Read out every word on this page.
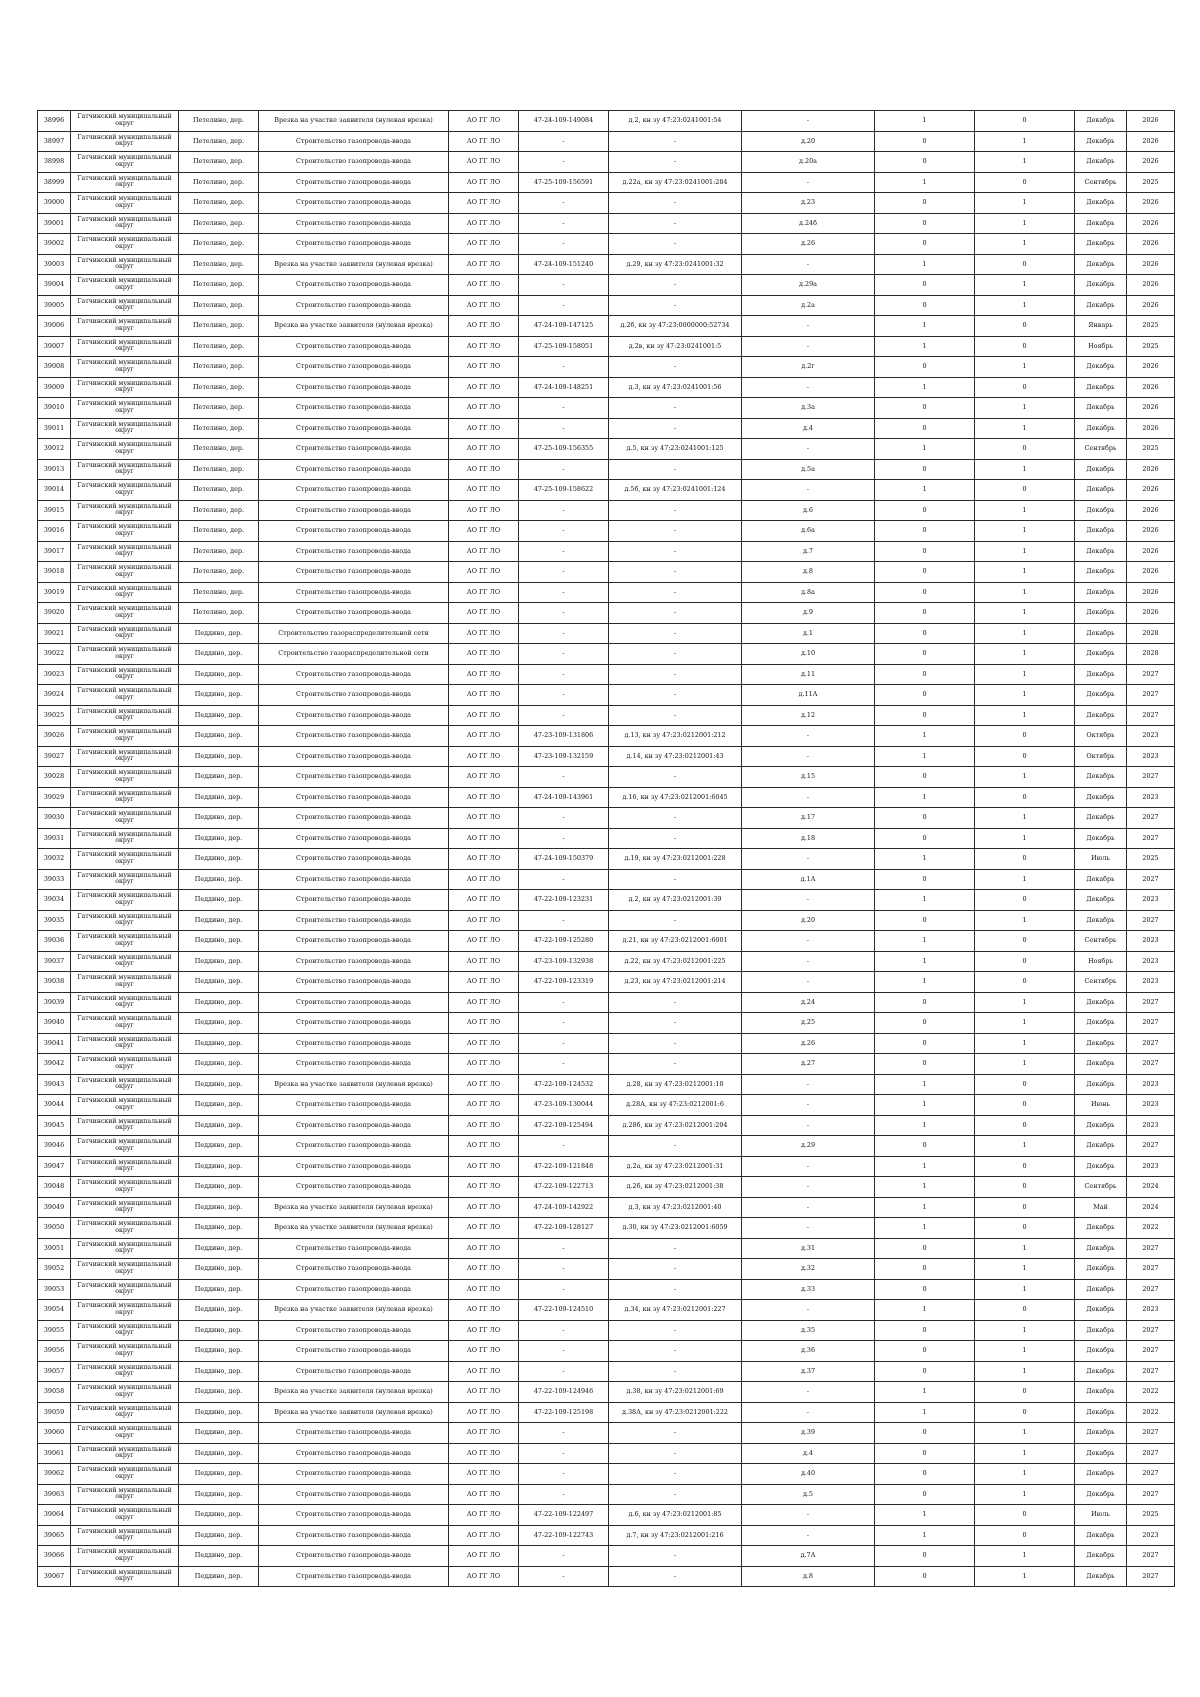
38996	Гатчинский муниципальный округ	Петелино, дер.	Врезка на участке заявителя (нулевая врезка)	АО ГГ ЛО	47-24-109-149084	д.2, кн зу 47:23:0241001:54	-	1	0	Декабрь	2026
38997	Гатчинский муниципальный округ	Петелино, дер.	Строительство газопровода-ввода	АО ГГ ЛО	-	-	д.20	0	1	Декабрь	2026
38998	Гатчинский муниципальный округ	Петелино, дер.	Строительство газопровода-ввода	АО ГГ ЛО	-	-	д.20а	0	1	Декабрь	2026
38999	Гатчинский муниципальный округ	Петелино, дер.	Строительство газопровода-ввода	АО ГГ ЛО	47-25-109-156591	д.22а, кн зу 47:23:0241001:284	-	1	0	Сентябрь	2025
39000	Гатчинский муниципальный округ	Петелино, дер.	Строительство газопровода-ввода	АО ГГ ЛО	-	-	д.23	0	1	Декабрь	2026
39001	Гатчинский муниципальный округ	Петелино, дер.	Строительство газопровода-ввода	АО ГГ ЛО	-	-	д.24б	0	1	Декабрь	2026
39002	Гатчинский муниципальный округ	Петелино, дер.	Строительство газопровода-ввода	АО ГГ ЛО	-	-	д.26	0	1	Декабрь	2026
39003	Гатчинский муниципальный округ	Петелино, дер.	Врезка на участке заявителя (нулевая врезка)	АО ГГ ЛО	47-24-109-151240	д.29, кн зу 47:23:0241001:32	-	1	0	Декабрь	2026
39004	Гатчинский муниципальный округ	Петелино, дер.	Строительство газопровода-ввода	АО ГГ ЛО	-	-	д.29а	0	1	Декабрь	2026
39005	Гатчинский муниципальный округ	Петелино, дер.	Строительство газопровода-ввода	АО ГГ ЛО	-	-	д.2а	0	1	Декабрь	2026
39006	Гатчинский муниципальный округ	Петелино, дер.	Врезка на участке заявителя (нулевая врезка)	АО ГГ ЛО	47-24-109-147125	д.2б, кн зу 47:23:0000000:52734	-	1	0	Январь	2025
39007	Гатчинский муниципальный округ	Петелино, дер.	Строительство газопровода-ввода	АО ГГ ЛО	47-25-109-158051	д.2в, кн зу 47:23:0241001:5	-	1	0	Ноябрь	2025
39008	Гатчинский муниципальный округ	Петелино, дер.	Строительство газопровода-ввода	АО ГГ ЛО	-	-	д.2г	0	1	Декабрь	2026
39009	Гатчинский муниципальный округ	Петелино, дер.	Строительство газопровода-ввода	АО ГГ ЛО	47-24-109-148251	д.3, кн зу 47:23:0241001:56	-	1	0	Декабрь	2026
39010	Гатчинский муниципальный округ	Петелино, дер.	Строительство газопровода-ввода	АО ГГ ЛО	-	-	д.3а	0	1	Декабрь	2026
39011	Гатчинский муниципальный округ	Петелино, дер.	Строительство газопровода-ввода	АО ГГ ЛО	-	-	д.4	0	1	Декабрь	2026
39012	Гатчинский муниципальный округ	Петелино, дер.	Строительство газопровода-ввода	АО ГГ ЛО	47-25-109-156355	д.5, кн зу 47:23:0241001:125	-	1	0	Сентябрь	2025
39013	Гатчинский муниципальный округ	Петелино, дер.	Строительство газопровода-ввода	АО ГГ ЛО	-	-	д.5а	0	1	Декабрь	2026
39014	Гатчинский муниципальный округ	Петелино, дер.	Строительство газопровода-ввода	АО ГГ ЛО	47-25-109-158622	д.5б, кн зу 47:23:0241001:124	-	1	0	Декабрь	2026
39015	Гатчинский муниципальный округ	Петелино, дер.	Строительство газопровода-ввода	АО ГГ ЛО	-	-	д.6	0	1	Декабрь	2026
39016	Гатчинский муниципальный округ	Петелино, дер.	Строительство газопровода-ввода	АО ГГ ЛО	-	-	д.6а	0	1	Декабрь	2026
39017	Гатчинский муниципальный округ	Петелино, дер.	Строительство газопровода-ввода	АО ГГ ЛО	-	-	д.7	0	1	Декабрь	2026
39018	Гатчинский муниципальный округ	Петелино, дер.	Строительство газопровода-ввода	АО ГГ ЛО	-	-	д.8	0	1	Декабрь	2026
39019	Гатчинский муниципальный округ	Петелино, дер.	Строительство газопровода-ввода	АО ГГ ЛО	-	-	д.8а	0	1	Декабрь	2026
39020	Гатчинский муниципальный округ	Петелино, дер.	Строительство газопровода-ввода	АО ГГ ЛО	-	-	д.9	0	1	Декабрь	2026
39021	Гатчинский муниципальный округ	Педдино, дер.	Строительство газораспределительной сети	АО ГГ ЛО	-	-	д.1	0	1	Декабрь	2028
39022	Гатчинский муниципальный округ	Педдино, дер.	Строительство газораспределительной сети	АО ГГ ЛО	-	-	д.10	0	1	Декабрь	2028
39023	Гатчинский муниципальный округ	Педдино, дер.	Строительство газопровода-ввода	АО ГГ ЛО	-	-	д.11	0	1	Декабрь	2027
39024	Гатчинский муниципальный округ	Педдино, дер.	Строительство газопровода-ввода	АО ГГ ЛО	-	-	д.11А	0	1	Декабрь	2027
39025	Гатчинский муниципальный округ	Педдино, дер.	Строительство газопровода-ввода	АО ГГ ЛО	-	-	д.12	0	1	Декабрь	2027
39026	Гатчинский муниципальный округ	Педдино, дер.	Строительство газопровода-ввода	АО ГГ ЛО	47-23-109-131806	д.13, кн зу 47:23:0212001:212	-	1	0	Октябрь	2023
39027	Гатчинский муниципальный округ	Педдино, дер.	Строительство газопровода-ввода	АО ГГ ЛО	47-23-109-132159	д.14, кн зу 47:23:0212001:43	-	1	0	Октябрь	2023
39028	Гатчинский муниципальный округ	Педдино, дер.	Строительство газопровода-ввода	АО ГГ ЛО	-	-	д.15	0	1	Декабрь	2027
39029	Гатчинский муниципальный округ	Педдино, дер.	Строительство газопровода-ввода	АО ГГ ЛО	47-24-109-143961	д.16, кн зу 47:23:0212001:6045	-	1	0	Декабрь	2023
39030	Гатчинский муниципальный округ	Педдино, дер.	Строительство газопровода-ввода	АО ГГ ЛО	-	-	д.17	0	1	Декабрь	2027
39031	Гатчинский муниципальный округ	Педдино, дер.	Строительство газопровода-ввода	АО ГГ ЛО	-	-	д.18	0	1	Декабрь	2027
39032	Гатчинский муниципальный округ	Педдино, дер.	Строительство газопровода-ввода	АО ГГ ЛО	47-24-109-150379	д.19, кн зу 47:23:0212001:228	-	1	0	Июль	2025
39033	Гатчинский муниципальный округ	Педдино, дер.	Строительство газопровода-ввода	АО ГГ ЛО	-	-	д.1А	0	1	Декабрь	2027
39034	Гатчинский муниципальный округ	Педдино, дер.	Строительство газопровода-ввода	АО ГГ ЛО	47-22-109-123231	д.2, кн зу 47:23:0212001:39	-	1	0	Декабрь	2023
39035	Гатчинский муниципальный округ	Педдино, дер.	Строительство газопровода-ввода	АО ГГ ЛО	-	-	д.20	0	1	Декабрь	2027
39036	Гатчинский муниципальный округ	Педдино, дер.	Строительство газопровода-ввода	АО ГГ ЛО	47-22-109-125280	д.21, кн зу 47:23:0212001:6001	-	1	0	Сентябрь	2023
39037	Гатчинский муниципальный округ	Педдино, дер.	Строительство газопровода-ввода	АО ГГ ЛО	47-23-109-132938	д.22, кн зу 47:23:0212001:225	-	1	0	Ноябрь	2023
39038	Гатчинский муниципальный округ	Педдино, дер.	Строительство газопровода-ввода	АО ГГ ЛО	47-22-109-123319	д.23, кн зу 47:23:0212001:214	-	1	0	Сентябрь	2023
39039	Гатчинский муниципальный округ	Педдино, дер.	Строительство газопровода-ввода	АО ГГ ЛО	-	-	д.24	0	1	Декабрь	2027
39040	Гатчинский муниципальный округ	Педдино, дер.	Строительство газопровода-ввода	АО ГГ ЛО	-	-	д.25	0	1	Декабрь	2027
39041	Гатчинский муниципальный округ	Педдино, дер.	Строительство газопровода-ввода	АО ГГ ЛО	-	-	д.26	0	1	Декабрь	2027
39042	Гатчинский муниципальный округ	Педдино, дер.	Строительство газопровода-ввода	АО ГГ ЛО	-	-	д.27	0	1	Декабрь	2027
39043	Гатчинский муниципальный округ	Педдино, дер.	Врезка на участке заявителя (нулевая врезка)	АО ГГ ЛО	47-22-109-124532	д.28, кн зу 47:23:0212001:10	-	1	0	Декабрь	2023
39044	Гатчинский муниципальный округ	Педдино, дер.	Строительство газопровода-ввода	АО ГГ ЛО	47-23-109-130044	д.28А, кн зу 47:23:0212001:6	-	1	0	Июнь	2023
39045	Гатчинский муниципальный округ	Педдино, дер.	Строительство газопровода-ввода	АО ГГ ЛО	47-22-109-125494	д.28б, кн зу 47:23:0212001:204	-	1	0	Декабрь	2023
39046	Гатчинский муниципальный округ	Педдино, дер.	Строительство газопровода-ввода	АО ГГ ЛО	-	-	д.29	0	1	Декабрь	2027
39047	Гатчинский муниципальный округ	Педдино, дер.	Строительство газопровода-ввода	АО ГГ ЛО	47-22-109-121848	д.2а, кн зу 47:23:0212001:31	-	1	0	Декабрь	2023
39048	Гатчинский муниципальный округ	Педдино, дер.	Строительство газопровода-ввода	АО ГГ ЛО	47-22-109-122713	д.2б, кн зу 47:23:0212001:38	-	1	0	Сентябрь	2024
39049	Гатчинский муниципальный округ	Педдино, дер.	Врезка на участке заявителя (нулевая врезка)	АО ГГ ЛО	47-24-109-142922	д.3, кн зу 47:23:0212001:40	-	1	0	Май	2024
39050	Гатчинский муниципальный округ	Педдино, дер.	Врезка на участке заявителя (нулевая врезка)	АО ГГ ЛО	47-22-109-128127	д.30, кн зу 47:23:0212001:6059	-	1	0	Декабрь	2022
39051	Гатчинский муниципальный округ	Педдино, дер.	Строительство газопровода-ввода	АО ГГ ЛО	-	-	д.31	0	1	Декабрь	2027
39052	Гатчинский муниципальный округ	Педдино, дер.	Строительство газопровода-ввода	АО ГГ ЛО	-	-	д.32	0	1	Декабрь	2027
39053	Гатчинский муниципальный округ	Педдино, дер.	Строительство газопровода-ввода	АО ГГ ЛО	-	-	д.33	0	1	Декабрь	2027
39054	Гатчинский муниципальный округ	Педдино, дер.	Врезка на участке заявителя (нулевая врезка)	АО ГГ ЛО	47-22-109-124510	д.34, кн зу 47:23:0212001:227	-	1	0	Декабрь	2023
39055	Гатчинский муниципальный округ	Педдино, дер.	Строительство газопровода-ввода	АО ГГ ЛО	-	-	д.35	0	1	Декабрь	2027
39056	Гатчинский муниципальный округ	Педдино, дер.	Строительство газопровода-ввода	АО ГГ ЛО	-	-	д.36	0	1	Декабрь	2027
39057	Гатчинский муниципальный округ	Педдино, дер.	Строительство газопровода-ввода	АО ГГ ЛО	-	-	д.37	0	1	Декабрь	2027
39058	Гатчинский муниципальный округ	Педдино, дер.	Врезка на участке заявителя (нулевая врезка)	АО ГГ ЛО	47-22-109-124946	д.38, кн зу 47:23:0212001:69	-	1	0	Декабрь	2022
39059	Гатчинский муниципальный округ	Педдино, дер.	Врезка на участке заявителя (нулевая врезка)	АО ГГ ЛО	47-22-109-125198	д.38А, кн зу 47:23:0212001:222	-	1	0	Декабрь	2022
39060	Гатчинский муниципальный округ	Педдино, дер.	Строительство газопровода-ввода	АО ГГ ЛО	-	-	д.39	0	1	Декабрь	2027
39061	Гатчинский муниципальный округ	Педдино, дер.	Строительство газопровода-ввода	АО ГГ ЛО	-	-	д.4	0	1	Декабрь	2027
39062	Гатчинский муниципальный округ	Педдино, дер.	Строительство газопровода-ввода	АО ГГ ЛО	-	-	д.40	0	1	Декабрь	2027
39063	Гатчинский муниципальный округ	Педдино, дер.	Строительство газопровода-ввода	АО ГГ ЛО	-	-	д.5	0	1	Декабрь	2027
39064	Гатчинский муниципальный округ	Педдино, дер.	Строительство газопровода-ввода	АО ГГ ЛО	47-22-109-122497	д.6, кн зу 47:23:0212001:85	-	1	0	Июль	2025
39065	Гатчинский муниципальный округ	Педдино, дер.	Строительство газопровода-ввода	АО ГГ ЛО	47-22-109-122743	д.7, кн зу 47:23:0212001:216	-	1	0	Декабрь	2023
39066	Гатчинский муниципальный округ	Педдино, дер.	Строительство газопровода-ввода	АО ГГ ЛО	-	-	д.7А	0	1	Декабрь	2027
39067	Гатчинский муниципальный округ	Педдино, дер.	Строительство газопровода-ввода	АО ГГ ЛО	-	-	д.8	0	1	Декабрь	2027
